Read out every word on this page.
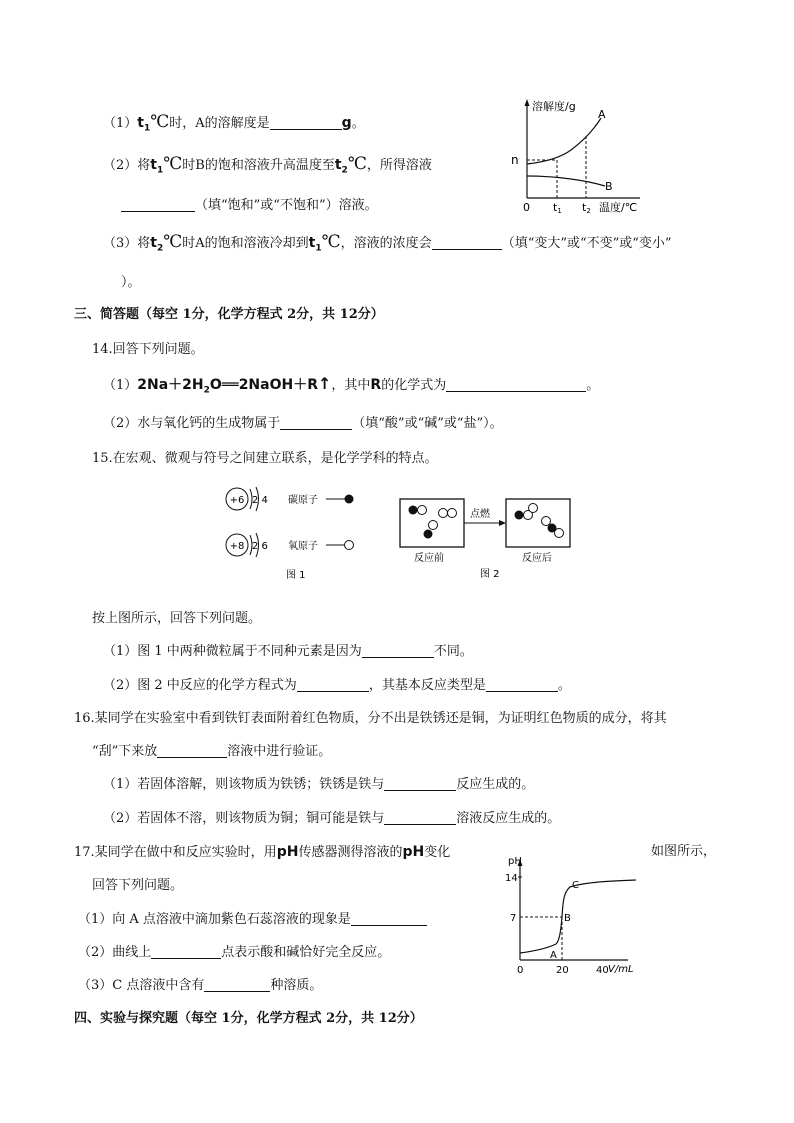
$(1)t_1℃$时，A的溶解度是	g。
（2）将$t_1℃$时B的饱和溶液升高温度至$t_2℃$，所得溶液
（填“饱和”或“不饱和”）溶液。
（3）将$t_2℃$时A的饱和溶液冷却到$t_1℃$，溶液的浓度会	（填“变大”或“不变”或“变小”
）。
溶解度/g
温度/℃
0
n
t1 t2
A
B
三、简答题（每空 1分，化学方程式 2分，共 12分）
14.回答下列问题。
$(1)2Na+2H_2O══2NaOH+R↑$，其中R的化学式为	。
（2）水与氧化钙的生成物属于	（填“酸”或“碱”或“盐”）。
15.在宏观、微观与符号之间建立联系，是化学学科的特点。
+6 2 4 碳原子
+8 2 6 氧原子
图 1
点燃
反应前	反应后
图 2
按上图所示，回答下列问题。
（1）图 1 中两种微粒属于不同种元素是因为	不同。
（2）图 2 中反应的化学方程式为	，其基本反应类型是	。
16.某同学在实验室中看到铁钉表面附着红色物质，分不出是铁锈还是铜，为证明红色物质的成分，将其
“刮”下来放	溶液中进行验证。
（1）若固体溶解，则该物质为铁锈；铁锈是铁与	反应生成的。
（2）若固体不溶，则该物质为铜；铜可能是铁与	溶液反应生成的。
17.某同学在做中和反应实验时，用pH传感器测得溶液的pH变化	如图所示，
回答下列问题。
（1）向 A 点溶液中滴加紫色石蕊溶液的现象是
（2）曲线上	点表示酸和碱恰好完全反应。
（3）C 点溶液中含有	种溶质。
pH
14
7
0	20	40 V/mL
A
B
C
四、实验与探究题（每空 1分，化学方程式 2分，共 12分）
